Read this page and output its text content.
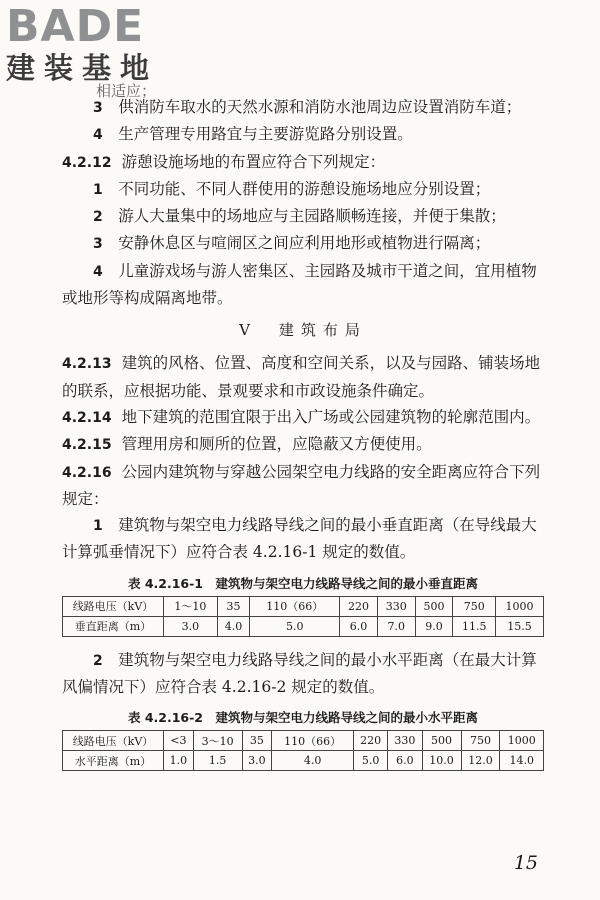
BADE
建装基地
相适应；

3　 供消防车取水的天然水源和消防水池周边应设置消防车道；

4　 生产管理专用路宜与主要游览路分别设置。

4.2.12 游憩设施场地的布置应符合下列规定：

1　 不同功能、不同人群使用的游憩设施场地应分别设置；

2　 游人大量集中的场地应与主园路顺畅连接，并便于集散；

3　 安静休息区与喧闹区之间应利用地形或植物进行隔离；

4　 儿童游戏场与游人密集区、主园路及城市干道之间，宜用植物或地形等构成隔离地带。

V　建筑布局

4.2.13 建筑的风格、位置、高度和空间关系，以及与园路、铺装场地的联系，应根据功能、景观要求和市政设施条件确定。

4.2.14 地下建筑的范围宜限于出入广场或公园建筑物的轮廓范围内。

4.2.15 管理用房和厕所的位置，应隐蔽又方便使用。

4.2.16 公园内建筑物与穿越公园架空电力线路的安全距离应符合下列规定：

1　 建筑物与架空电力线路导线之间的最小垂直距离（在导线最大计算弧垂情况下）应符合表 4.2.16-1 规定的数值。

表 4.2.16-1　建筑物与架空电力线路导线之间的最小垂直距离
线路电压（kV）	1～10	35	110（66）	220	330	500	750	1000
垂直距离（m）	3.0	4.0	5.0	6.0	7.0	9.0	11.5	15.5

2　 建筑物与架空电力线路导线之间的最小水平距离（在最大计算风偏情况下）应符合表 4.2.16-2 规定的数值。

表 4.2.16-2　建筑物与架空电力线路导线之间的最小水平距离
线路电压（kV）	<3	3～10	35	110（66）	220	330	500	750	1000
水平距离（m）	1.0	1.5	3.0	4.0	5.0	6.0	10.0	12.0	14.0
15
